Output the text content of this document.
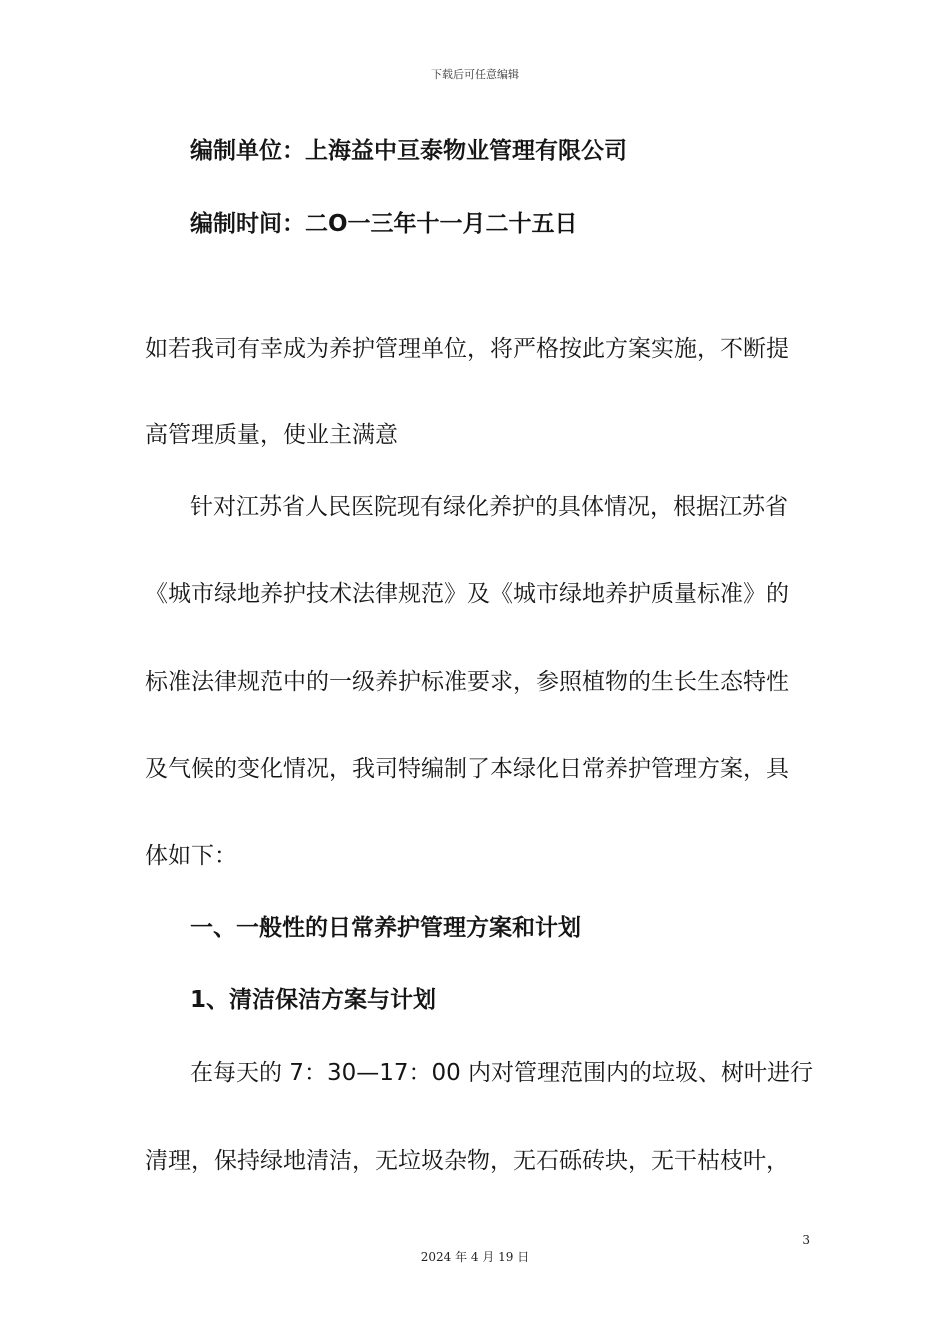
下载后可任意编辑
编制单位：上海益中亘泰物业管理有限公司
编制时间：二O一三年十一月二十五日
如若我司有幸成为养护管理单位，将严格按此方案实施，不断提
高管理质量，使业主满意
针对江苏省人民医院现有绿化养护的具体情况，根据江苏省
《城市绿地养护技术法律规范》及《城市绿地养护质量标准》的
标准法律规范中的一级养护标准要求，参照植物的生长生态特性
及气候的变化情况，我司特编制了本绿化日常养护管理方案，具
体如下：
一、一般性的日常养护管理方案和计划
1、清洁保洁方案与计划
在每天的 7：30—17：00 内对管理范围内的垃圾、树叶进行
清理，保持绿地清洁，无垃圾杂物，无石砾砖块，无干枯枝叶，
3
2024 年 4 月 19 日
